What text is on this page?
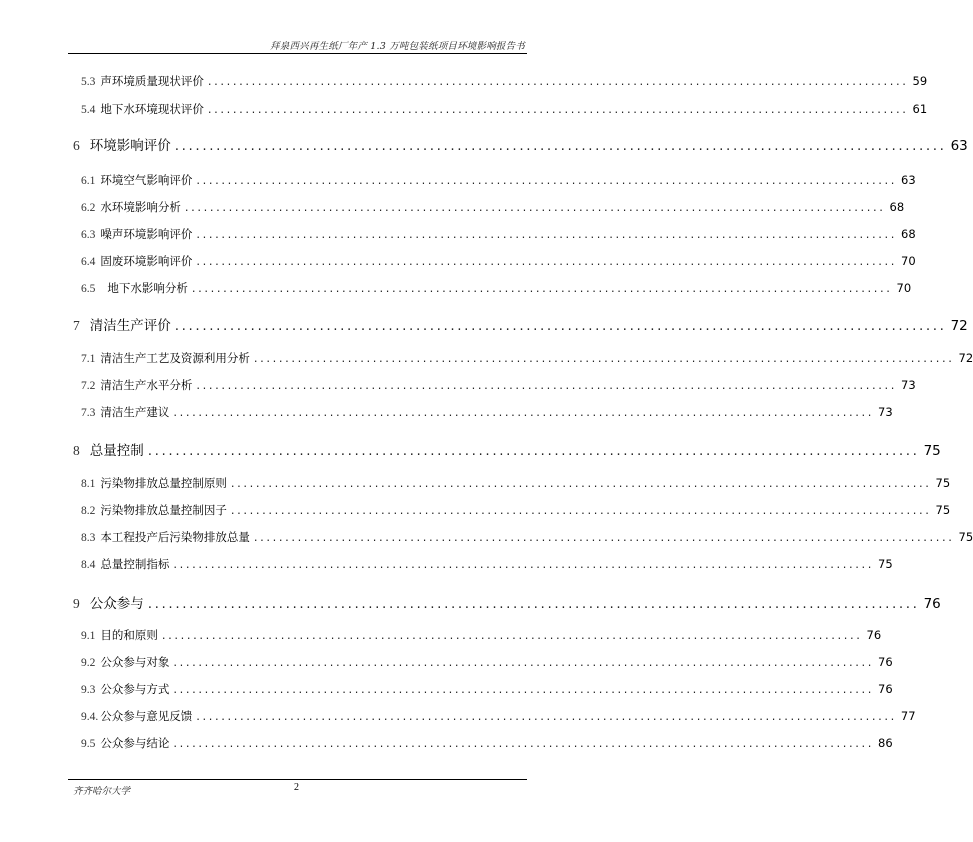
拜泉西兴再生纸厂年产 1.3 万吨包装纸项目环境影响报告书
5.3 声环境质量现状评价 ................................................................................................................ 59
5.4 地下水环境现状评价 ................................................................................................................ 61
6 环境影响评价 ................................................................................................................ 63
6.1 环境空气影响评价 ................................................................................................................ 63
6.2 水环境影响分析 ................................................................................................................ 68
6.3 噪声环境影响评价 ................................................................................................................ 68
6.4 固废环境影响评价 ................................................................................................................ 70
6.5 地下水影响分析 ................................................................................................................ 70
7 清洁生产评价 ................................................................................................................ 72
7.1 清洁生产工艺及资源利用分析 ................................................................................................................ 72
7.2 清洁生产水平分析 ................................................................................................................ 73
7.3 清洁生产建议 ................................................................................................................ 73
8 总量控制 ................................................................................................................ 75
8.1 污染物排放总量控制原则 ................................................................................................................ 75
8.2 污染物排放总量控制因子 ................................................................................................................ 75
8.3 本工程投产后污染物排放总量 ................................................................................................................ 75
8.4 总量控制指标 ................................................................................................................ 75
9 公众参与 ................................................................................................................ 76
9.1 目的和原则 ................................................................................................................ 76
9.2 公众参与对象 ................................................................................................................ 76
9.3 公众参与方式 ................................................................................................................ 76
9.4. 公众参与意见反馈 ................................................................................................................ 77
9.5 公众参与结论 ................................................................................................................ 86
齐齐哈尔大学	2
